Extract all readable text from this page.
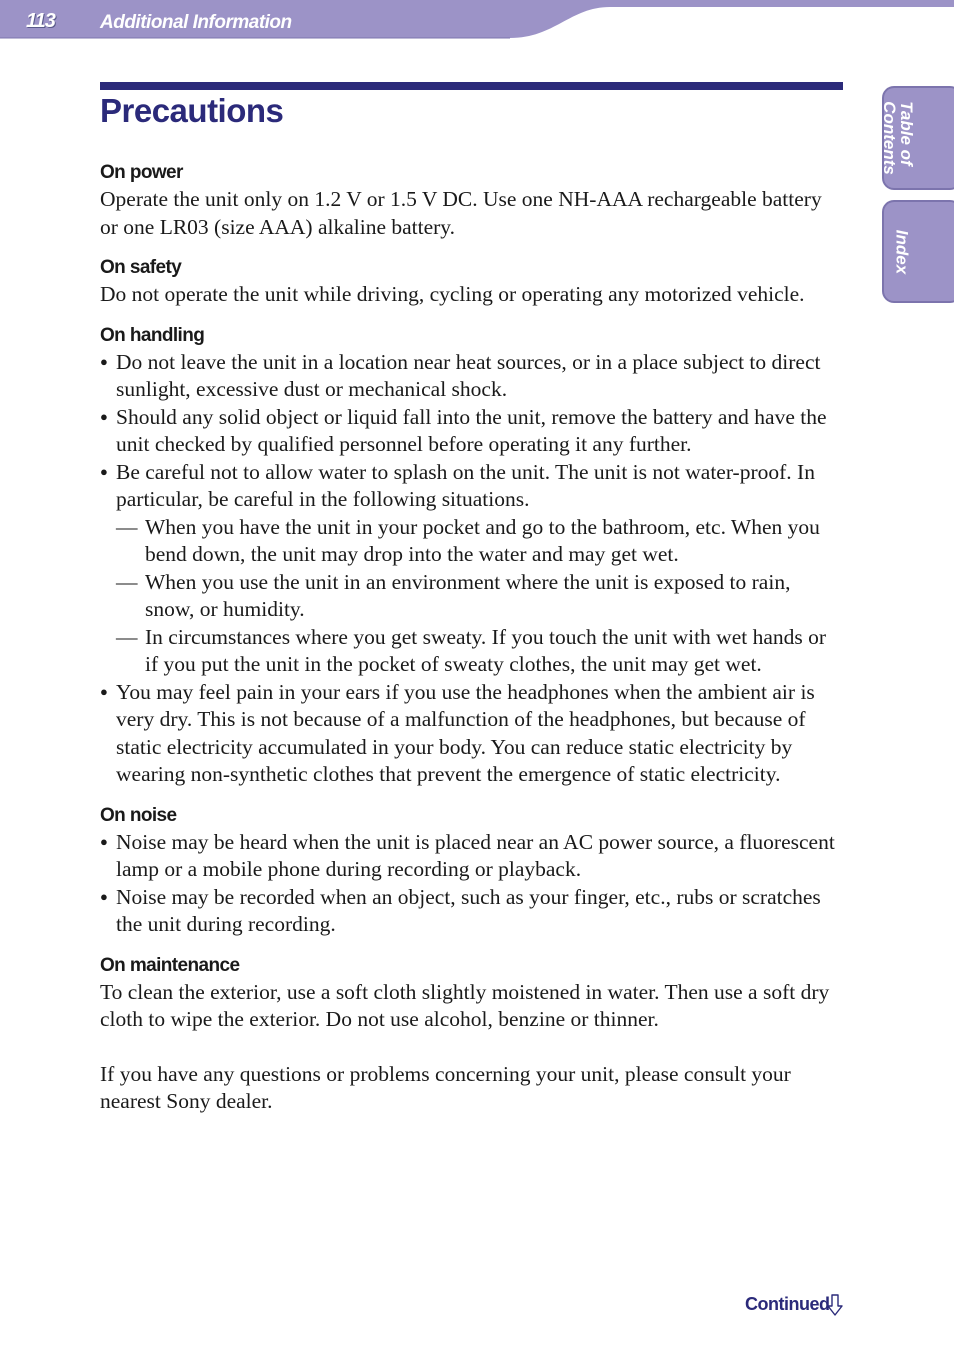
113 Additional Information
Table of
Contents
Index
Precautions
On power

Operate the unit only on 1.2 V or 1.5 V DC. Use one NH-AAA rechargeable battery or one LR03 (size AAA) alkaline battery.

On safety

Do not operate the unit while driving, cycling or operating any motorized vehicle.

On handling

● Do not leave the unit in a location near heat sources, or in a place subject to direct sunlight, excessive dust or mechanical shock.

● Should any solid object or liquid fall into the unit, remove the battery and have the unit checked by qualified personnel before operating it any further.

● Be careful not to allow water to splash on the unit. The unit is not water-proof. In particular, be careful in the following situations.

— When you have the unit in your pocket and go to the bathroom, etc. When you bend down, the unit may drop into the water and may get wet.

— When you use the unit in an environment where the unit is exposed to rain, snow, or humidity.

— In circumstances where you get sweaty. If you touch the unit with wet hands or if you put the unit in the pocket of sweaty clothes, the unit may get wet.

● You may feel pain in your ears if you use the headphones when the ambient air is very dry. This is not because of a malfunction of the headphones, but because of static electricity accumulated in your body. You can reduce static electricity by wearing non-synthetic clothes that prevent the emergence of static electricity.

On noise

● Noise may be heard when the unit is placed near an AC power source, a fluorescent lamp or a mobile phone during recording or playback.

● Noise may be recorded when an object, such as your finger, etc., rubs or scratches the unit during recording.

On maintenance

To clean the exterior, use a soft cloth slightly moistened in water. Then use a soft dry cloth to wipe the exterior. Do not use alcohol, benzine or thinner.

If you have any questions or problems concerning your unit, please consult your nearest Sony dealer.

Continued
